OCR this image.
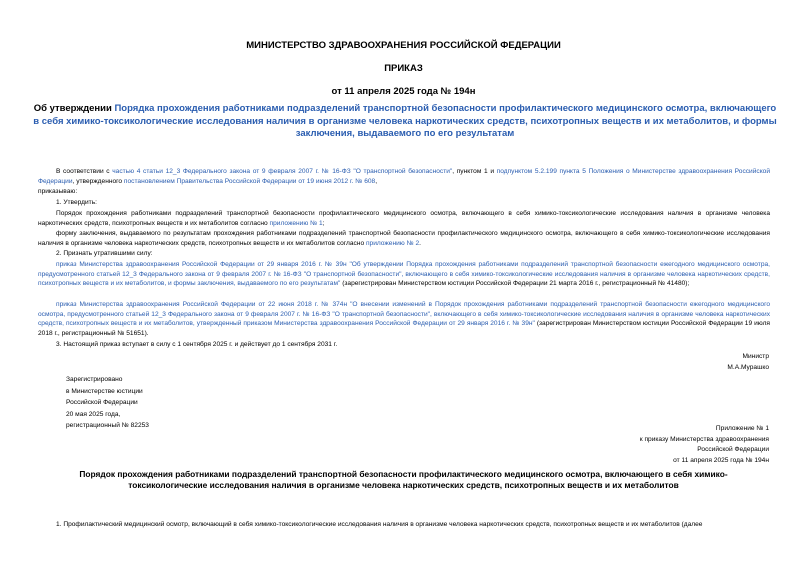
МИНИСТЕРСТВО ЗДРАВООХРАНЕНИЯ РОССИЙСКОЙ ФЕДЕРАЦИИ
ПРИКАЗ
от 11 апреля 2025 года № 194н
Об утверждении Порядка прохождения работниками подразделений транспортной безопасности профилактического медицинского осмотра, включающего в себя химико-токсикологические исследования наличия в организме человека наркотических средств, психотропных веществ и их метаболитов, и формы заключения, выдаваемого по его результатам
В соответствии с частью 4 статьи 12_3 Федерального закона от 9 февраля 2007 г. № 16-ФЗ "О транспортной безопасности", пунктом 1 и подпунктом 5.2.199 пункта 5 Положения о Министерстве здравоохранения Российской Федерации, утвержденного постановлением Правительства Российской Федерации от 19 июня 2012 г. № 608,
приказываю:
1. Утвердить:
Порядок прохождения работниками подразделений транспортной безопасности профилактического медицинского осмотра, включающего в себя химико-токсикологические исследования наличия в организме человека наркотических средств, психотропных веществ и их метаболитов согласно приложению № 1;
форму заключения, выдаваемого по результатам прохождения работниками подразделений транспортной безопасности профилактического медицинского осмотра, включающего в себя химико-токсикологические исследования наличия в организме человека наркотических средств, психотропных веществ и их метаболитов согласно приложению № 2.
2. Признать утратившими силу:
приказ Министерства здравоохранения Российской Федерации от 29 января 2016 г. № 39н "Об утверждении Порядка прохождения работниками подразделений транспортной безопасности ежегодного медицинского осмотра, предусмотренного статьей 12_3 Федерального закона от 9 февраля 2007 г. № 16-ФЗ "О транспортной безопасности", включающего в себя химико-токсикологические исследования наличия в организме человека наркотических средств, психотропных веществ и их метаболитов, и формы заключения, выдаваемого по его результатам" (зарегистрирован Министерством юстиции Российской Федерации 21 марта 2016 г., регистрационный № 41480);
приказ Министерства здравоохранения Российской Федерации от 22 июня 2018 г. № 374н "О внесении изменений в Порядок прохождения работниками подразделений транспортной безопасности ежегодного медицинского осмотра, предусмотренного статьей 12_3 Федерального закона от 9 февраля 2007 г. № 16-ФЗ "О транспортной безопасности", включающего в себя химико-токсикологические исследования наличия в организме человека наркотических средств, психотропных веществ и их метаболитов, утвержденный приказом Министерства здравоохранения Российской Федерации от 29 января 2016 г. № 39н" (зарегистрирован Министерством юстиции Российской Федерации 19 июля 2018 г., регистрационный № 51651).
3. Настоящий приказ вступает в силу с 1 сентября 2025 г. и действует до 1 сентября 2031 г.
Министр
М.А.Мурашко
Зарегистрировано
в Министерстве юстиции
Российской Федерации
20 мая 2025 года,
регистрационный № 82253	Приложение № 1
к приказу Министерства здравоохранения
Российской Федерации
от 11 апреля 2025 года № 194н
Порядок прохождения работниками подразделений транспортной безопасности профилактического медицинского осмотра, включающего в себя химико-токсикологические исследования наличия в организме человека наркотических средств, психотропных веществ и их метаболитов
1. Профилактический медицинский осмотр, включающий в себя химико-токсикологические исследования наличия в организме человека наркотических средств, психотропных веществ и их метаболитов (далее
